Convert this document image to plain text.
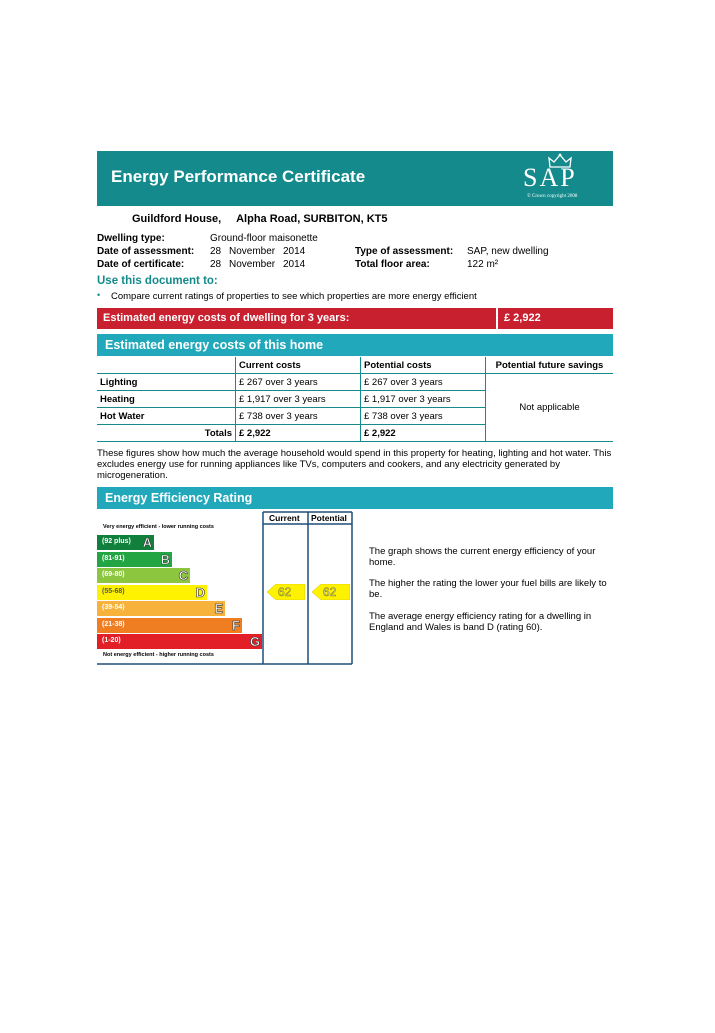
Energy Performance Certificate	SAP
© Crown copyright 2008
Guildford House, Alpha Road, SURBITON, KT5
Dwelling type:	Ground-floor maisonette
Date of assessment: 28 November 2014
Date of certificate:	28 November 2014
Type of assessment: SAP, new dwelling
Total floor area:	122 m²
Use this document to:
• Compare current ratings of properties to see which properties are more energy efficient
Estimated energy costs of dwelling for 3 years:	£ 2,922
Estimated energy costs of this home
	Current costs	Potential costs	Potential future savings
Lighting	£ 267 over 3 years	£ 267 over 3 years	Not applicable
Heating	£ 1,917 over 3 years	£ 1,917 over 3 years	
Hot Water	£ 738 over 3 years	£ 738 over 3 years	
Totals	£ 2,922	£ 2,922	
These figures show how much the average household would spend in this property for heating, lighting and hot water. This excludes energy use for running appliances like TVs, computers and cookers, and any electricity generated by microgeneration.
Energy Efficiency Rating
Current Potential
Very energy efficient - lower running costs
Not energy efficient - higher running costs
(92 plus) A
(81-91)	B
(69-80)	C
(55-68)	D
(39-54)	E
(21-38)	F
(1-20)	G
62	62
The graph shows the current energy efficiency of your home.
The higher the rating the lower your fuel bills are likely to be.
The average energy efficiency rating for a dwelling in England and Wales is band D (rating 60).
